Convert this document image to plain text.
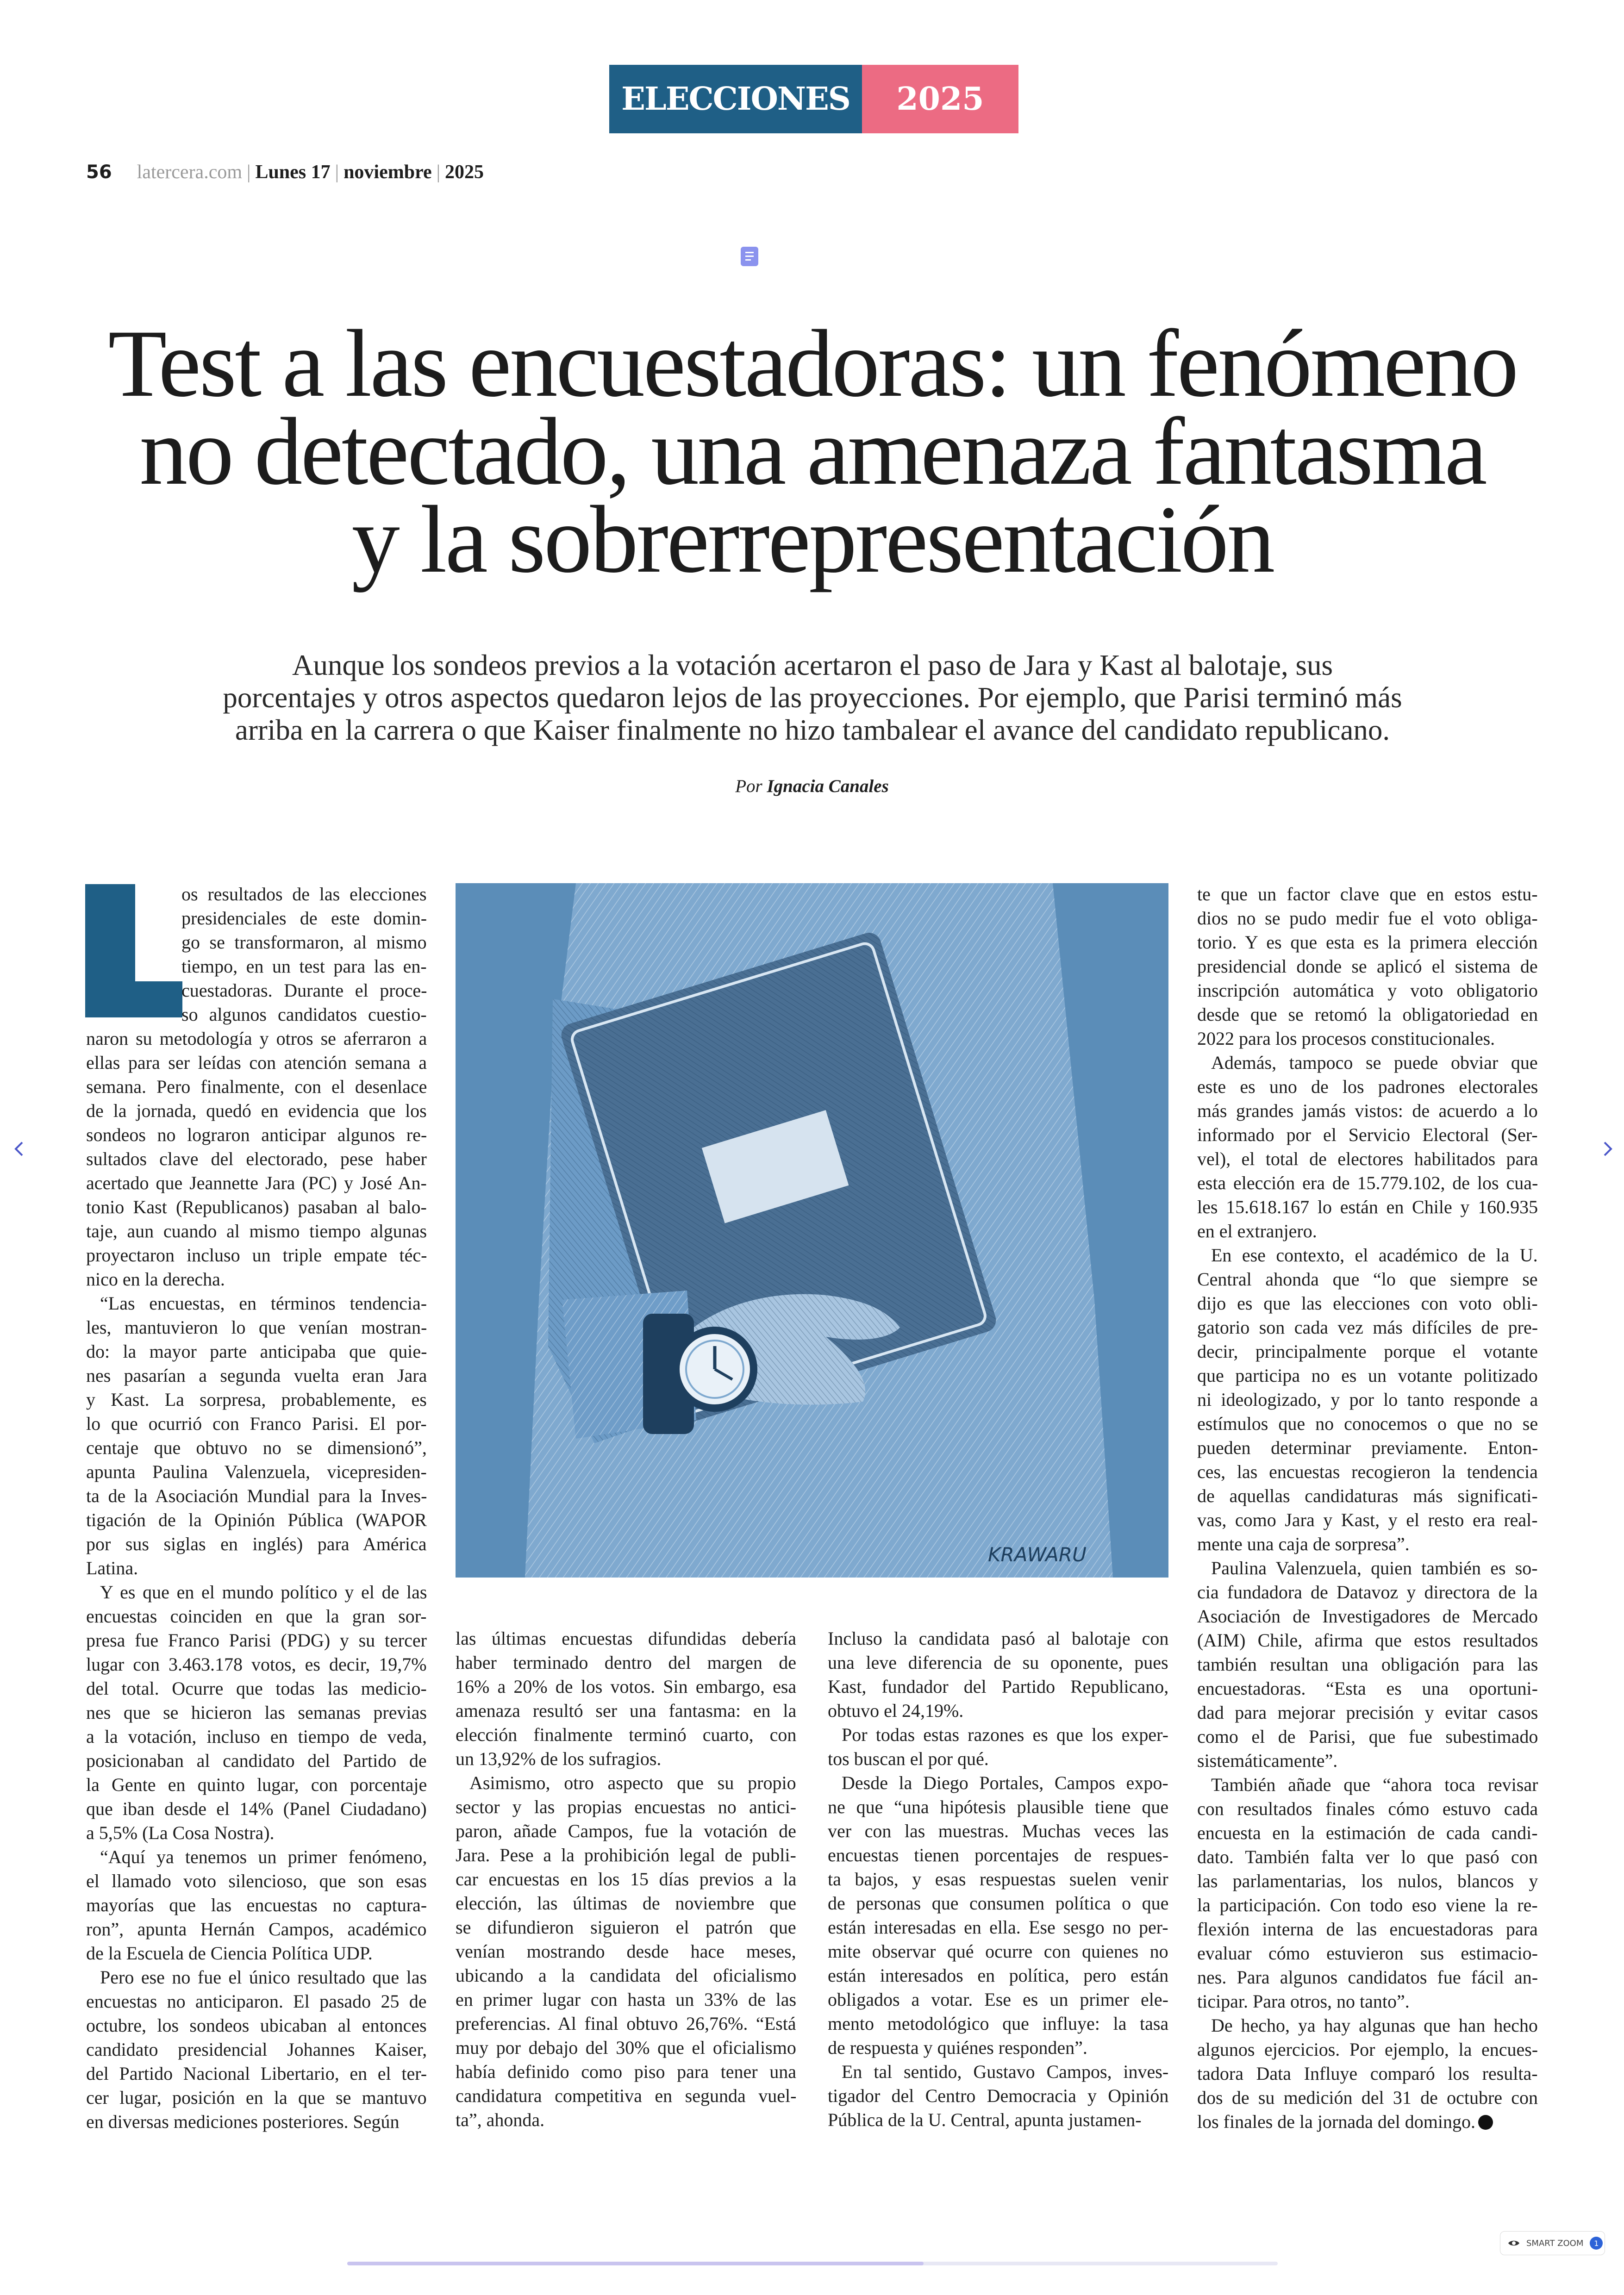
ELECCIONES	2025
56 latercera.com | Lunes 17 | noviembre | 2025
Test a las encuestadoras: un fenómeno
no detectado, una amenaza fantasma
y la sobrerrepresentación

Aunque los sondeos previos a la votación acertaron el paso de Jara y Kast al balotaje, sus
porcentajes y otros aspectos quedaron lejos de las proyecciones. Por ejemplo, que Parisi terminó más
arriba en la carrera o que Kaiser finalmente no hizo tambalear el avance del candidato republicano.

Por Ignacia Canales
os resultados de las elecciones
presidenciales de este domin-
go se transformaron, al mismo
tiempo, en un test para las en-
cuestadoras. Durante el proce-
so algunos candidatos cuestio-
naron su metodología y otros se aferraron a
ellas para ser leídas con atención semana a
semana. Pero finalmente, con el desenlace
de la jornada, quedó en evidencia que los
sondeos no lograron anticipar algunos re-
sultados clave del electorado, pese haber
acertado que Jeannette Jara (PC) y José An-
tonio Kast (Republicanos) pasaban al balo-
taje, aun cuando al mismo tiempo algunas
proyectaron incluso un triple empate téc-
nico en la derecha.
“Las encuestas, en términos tendencia-
les, mantuvieron lo que venían mostran-
do: la mayor parte anticipaba que quie-
nes pasarían a segunda vuelta eran Jara
y Kast. La sorpresa, probablemente, es
lo que ocurrió con Franco Parisi. El por-
centaje que obtuvo no se dimensionó”,
apunta Paulina Valenzuela, vicepresiden-
ta de la Asociación Mundial para la Inves-
tigación de la Opinión Pública (WAPOR
por sus siglas en inglés) para América
Latina.
Y es que en el mundo político y el de las
encuestas coinciden en que la gran sor-
presa fue Franco Parisi (PDG) y su tercer
lugar con 3.463.178 votos, es decir, 19,7%
del total. Ocurre que todas las medicio-
nes que se hicieron las semanas previas
a la votación, incluso en tiempo de veda,
posicionaban al candidato del Partido de
la Gente en quinto lugar, con porcentaje
que iban desde el 14% (Panel Ciudadano)
a 5,5% (La Cosa Nostra).
“Aquí ya tenemos un primer fenómeno,
el llamado voto silencioso, que son esas
mayorías que las encuestas no captura-
ron”, apunta Hernán Campos, académico
de la Escuela de Ciencia Política UDP.
Pero ese no fue el único resultado que las
encuestas no anticiparon. El pasado 25 de
octubre, los sondeos ubicaban al entonces
candidato presidencial Johannes Kaiser,
del Partido Nacional Libertario, en el ter-
cer lugar, posición en la que se mantuvo
en diversas mediciones posteriores. Según
las últimas encuestas difundidas debería
haber terminado dentro del margen de
16% a 20% de los votos. Sin embargo, esa
amenaza resultó ser una fantasma: en la
elección finalmente terminó cuarto, con
un 13,92% de los sufragios.
Asimismo, otro aspecto que su propio
sector y las propias encuestas no antici-
paron, añade Campos, fue la votación de
Jara. Pese a la prohibición legal de publi-
car encuestas en los 15 días previos a la
elección, las últimas de noviembre que
se difundieron siguieron el patrón que
venían mostrando desde hace meses,
ubicando a la candidata del oficialismo
en primer lugar con hasta un 33% de las
preferencias. Al final obtuvo 26,76%. “Está
muy por debajo del 30% que el oficialismo
había definido como piso para tener una
candidatura competitiva en segunda vuel-
ta”, ahonda.
Incluso la candidata pasó al balotaje con
una leve diferencia de su oponente, pues
Kast, fundador del Partido Republicano,
obtuvo el 24,19%.
Por todas estas razones es que los exper-
tos buscan el por qué.
Desde la Diego Portales, Campos expo-
ne que “una hipótesis plausible tiene que
ver con las muestras. Muchas veces las
encuestas tienen porcentajes de respues-
ta bajos, y esas respuestas suelen venir
de personas que consumen política o que
están interesadas en ella. Ese sesgo no per-
mite observar qué ocurre con quienes no
están interesados en política, pero están
obligados a votar. Ese es un primer ele-
mento metodológico que influye: la tasa
de respuesta y quiénes responden”.
En tal sentido, Gustavo Campos, inves-
tigador del Centro Democracia y Opinión
Pública de la U. Central, apunta justamen-
te que un factor clave que en estos estu-
dios no se pudo medir fue el voto obliga-
torio. Y es que esta es la primera elección
presidencial donde se aplicó el sistema de
inscripción automática y voto obligatorio
desde que se retomó la obligatoriedad en
2022 para los procesos constitucionales.
Además, tampoco se puede obviar que
este es uno de los padrones electorales
más grandes jamás vistos: de acuerdo a lo
informado por el Servicio Electoral (Ser-
vel), el total de electores habilitados para
esta elección era de 15.779.102, de los cua-
les 15.618.167 lo están en Chile y 160.935
en el extranjero.
En ese contexto, el académico de la U.
Central ahonda que “lo que siempre se
dijo es que las elecciones con voto obli-
gatorio son cada vez más difíciles de pre-
decir, principalmente porque el votante
que participa no es un votante politizado
ni ideologizado, y por lo tanto responde a
estímulos que no conocemos o que no se
pueden determinar previamente. Enton-
ces, las encuestas recogieron la tendencia
de aquellas candidaturas más significati-
vas, como Jara y Kast, y el resto era real-
mente una caja de sorpresa”.
Paulina Valenzuela, quien también es so-
cia fundadora de Datavoz y directora de la
Asociación de Investigadores de Mercado
(AIM) Chile, afirma que estos resultados
también resultan una obligación para las
encuestadoras. “Esta es una oportuni-
dad para mejorar precisión y evitar casos
como el de Parisi, que fue subestimado
sistemáticamente”.
También añade que “ahora toca revisar
con resultados finales cómo estuvo cada
encuesta en la estimación de cada candi-
dato. También falta ver lo que pasó con
las parlamentarias, los nulos, blancos y
la participación. Con todo eso viene la re-
flexión interna de las encuestadoras para
evaluar cómo estuvieron sus estimacio-
nes. Para algunos candidatos fue fácil an-
ticipar. Para otros, no tanto”.
De hecho, ya hay algunas que han hecho
algunos ejercicios. Por ejemplo, la encues-
tadora Data Influye comparó los resulta-
dos de su medición del 31 de octubre con
los finales de la jornada del domingo.
KRAWARU
SMART ZOOM	1
